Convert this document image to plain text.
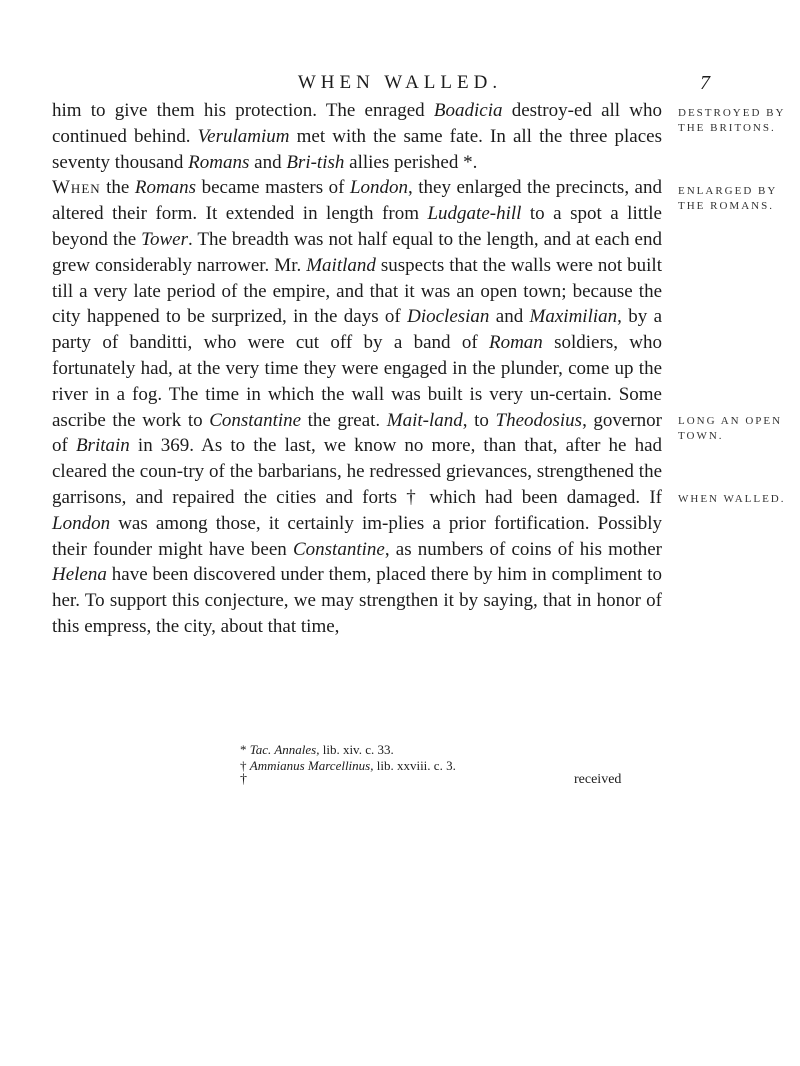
WHEN WALLED.	7

him to give them his protection. The enraged Boadicia destroy-ed all who continued behind. Verulamium met with the same fate. In all the three places seventy thousand Romans and Bri-tish allies perished *.

When the Romans became masters of London, they enlarged the precincts, and altered their form. It extended in length from Ludgate-hill to a spot a little beyond the Tower. The breadth was not half equal to the length, and at each end grew considerably narrower. Mr. Maitland suspects that the walls were not built till a very late period of the empire, and that it was an open town; because the city happened to be surprized, in the days of Dioclesian and Maximilian, by a party of banditti, who were cut off by a band of Roman soldiers, who fortunately had, at the very time they were engaged in the plunder, come up the river in a fog. The time in which the wall was built is very un-certain. Some ascribe the work to Constantine the great. Mait-land, to Theodosius, governor of Britain in 369. As to the last, we know no more, than that, after he had cleared the coun-try of the barbarians, he redressed grievances, strengthened the garrisons, and repaired the cities and forts † which had been damaged. If London was among those, it certainly im-plies a prior fortification. Possibly their founder might have been Constantine, as numbers of coins of his mother Helena have been discovered under them, placed there by him in compliment to her. To support this conjecture, we may strengthen it by saying, that in honor of this empress, the city, about that time,

DESTROYED BY THE BRITONS.
ENLARGED BY THE ROMANS.
LONG AN OPEN TOWN.
WHEN WALLED.
* Tac. Annales, lib. xiv. c. 33.
† Ammianus Marcellinus, lib. xxviii. c. 3.
†	received
